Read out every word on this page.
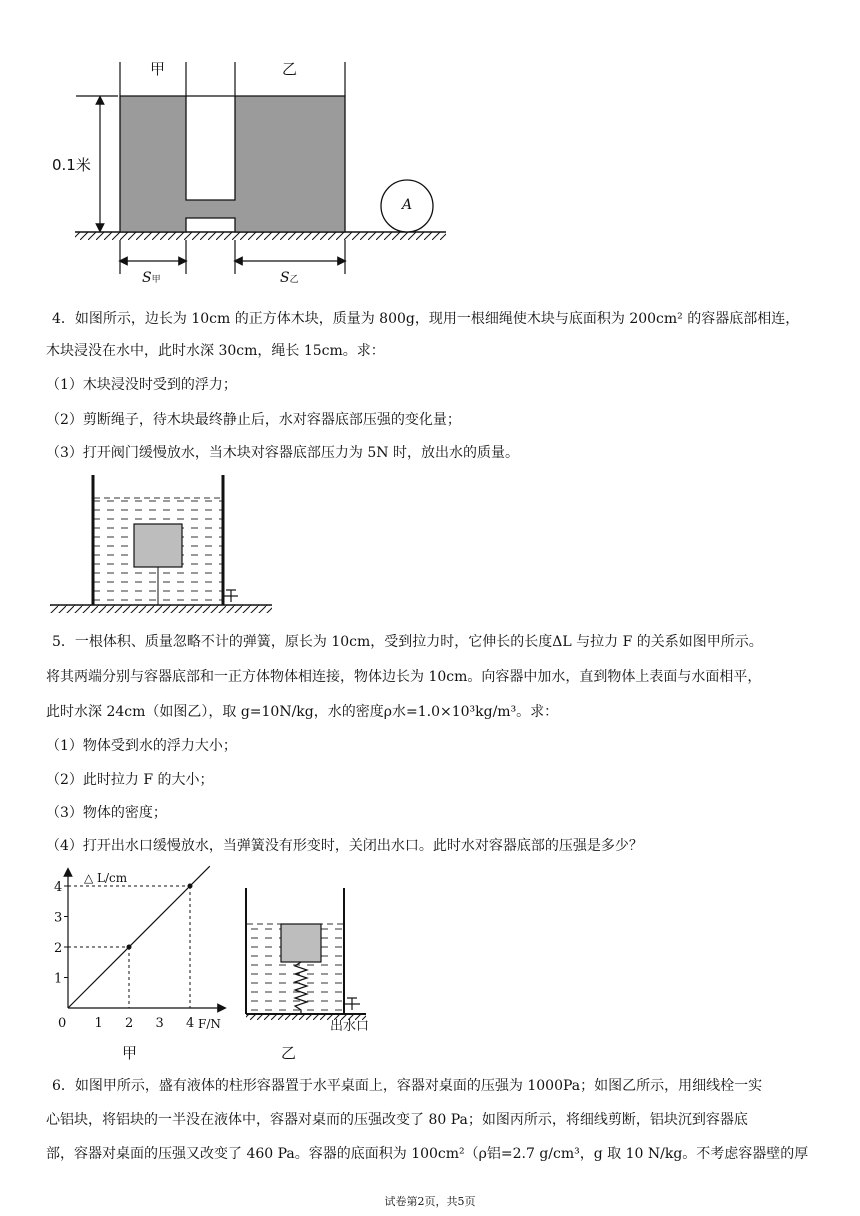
甲	乙
0.1米
A
S甲	S乙
4．如图所示，边长为 10cm 的正方体木块，质量为 800g，现用一根细绳使木块与底面积为 200cm² 的容器底部相连，
木块浸没在水中，此时水深 30cm，绳长 15cm。求：
（1）木块浸没时受到的浮力；
（2）剪断绳子，待木块最终静止后，水对容器底部压强的变化量；
（3）打开阀门缓慢放水，当木块对容器底部压力为 5N 时，放出水的质量。
5．一根体积、质量忽略不计的弹簧，原长为 10cm，受到拉力时，它伸长的长度ΔL 与拉力 F 的关系如图甲所示。
将其两端分别与容器底部和一正方体物体相连接，物体边长为 10cm。向容器中加水，直到物体上表面与水面相平，
此时水深 24cm（如图乙），取 g=10N/kg，水的密度ρ水=1.0×10³kg/m³。求：
（1）物体受到水的浮力大小；
（2）此时拉力 F 的大小；
（3）物体的密度；
（4）打开出水口缓慢放水，当弹簧没有形变时，关闭出水口。此时水对容器底部的压强是多少？
△ L/cm
F/N
0 1 2 3 4
1
2
3
4
甲
出水口
乙
6．如图甲所示，盛有液体的柱形容器置于水平桌面上，容器对桌面的压强为 1000Pa；如图乙所示，用细线栓一实
心铝块，将铝块的一半没在液体中，容器对桌而的压强改变了 80 Pa；如图丙所示，将细线剪断，铝块沉到容器底
部，容器对桌面的压强又改变了 460 Pa。容器的底面积为 100cm²（ρ铝=2.7 g/cm³，g 取 10 N/kg。不考虑容器壁的厚
试卷第2页，共5页
